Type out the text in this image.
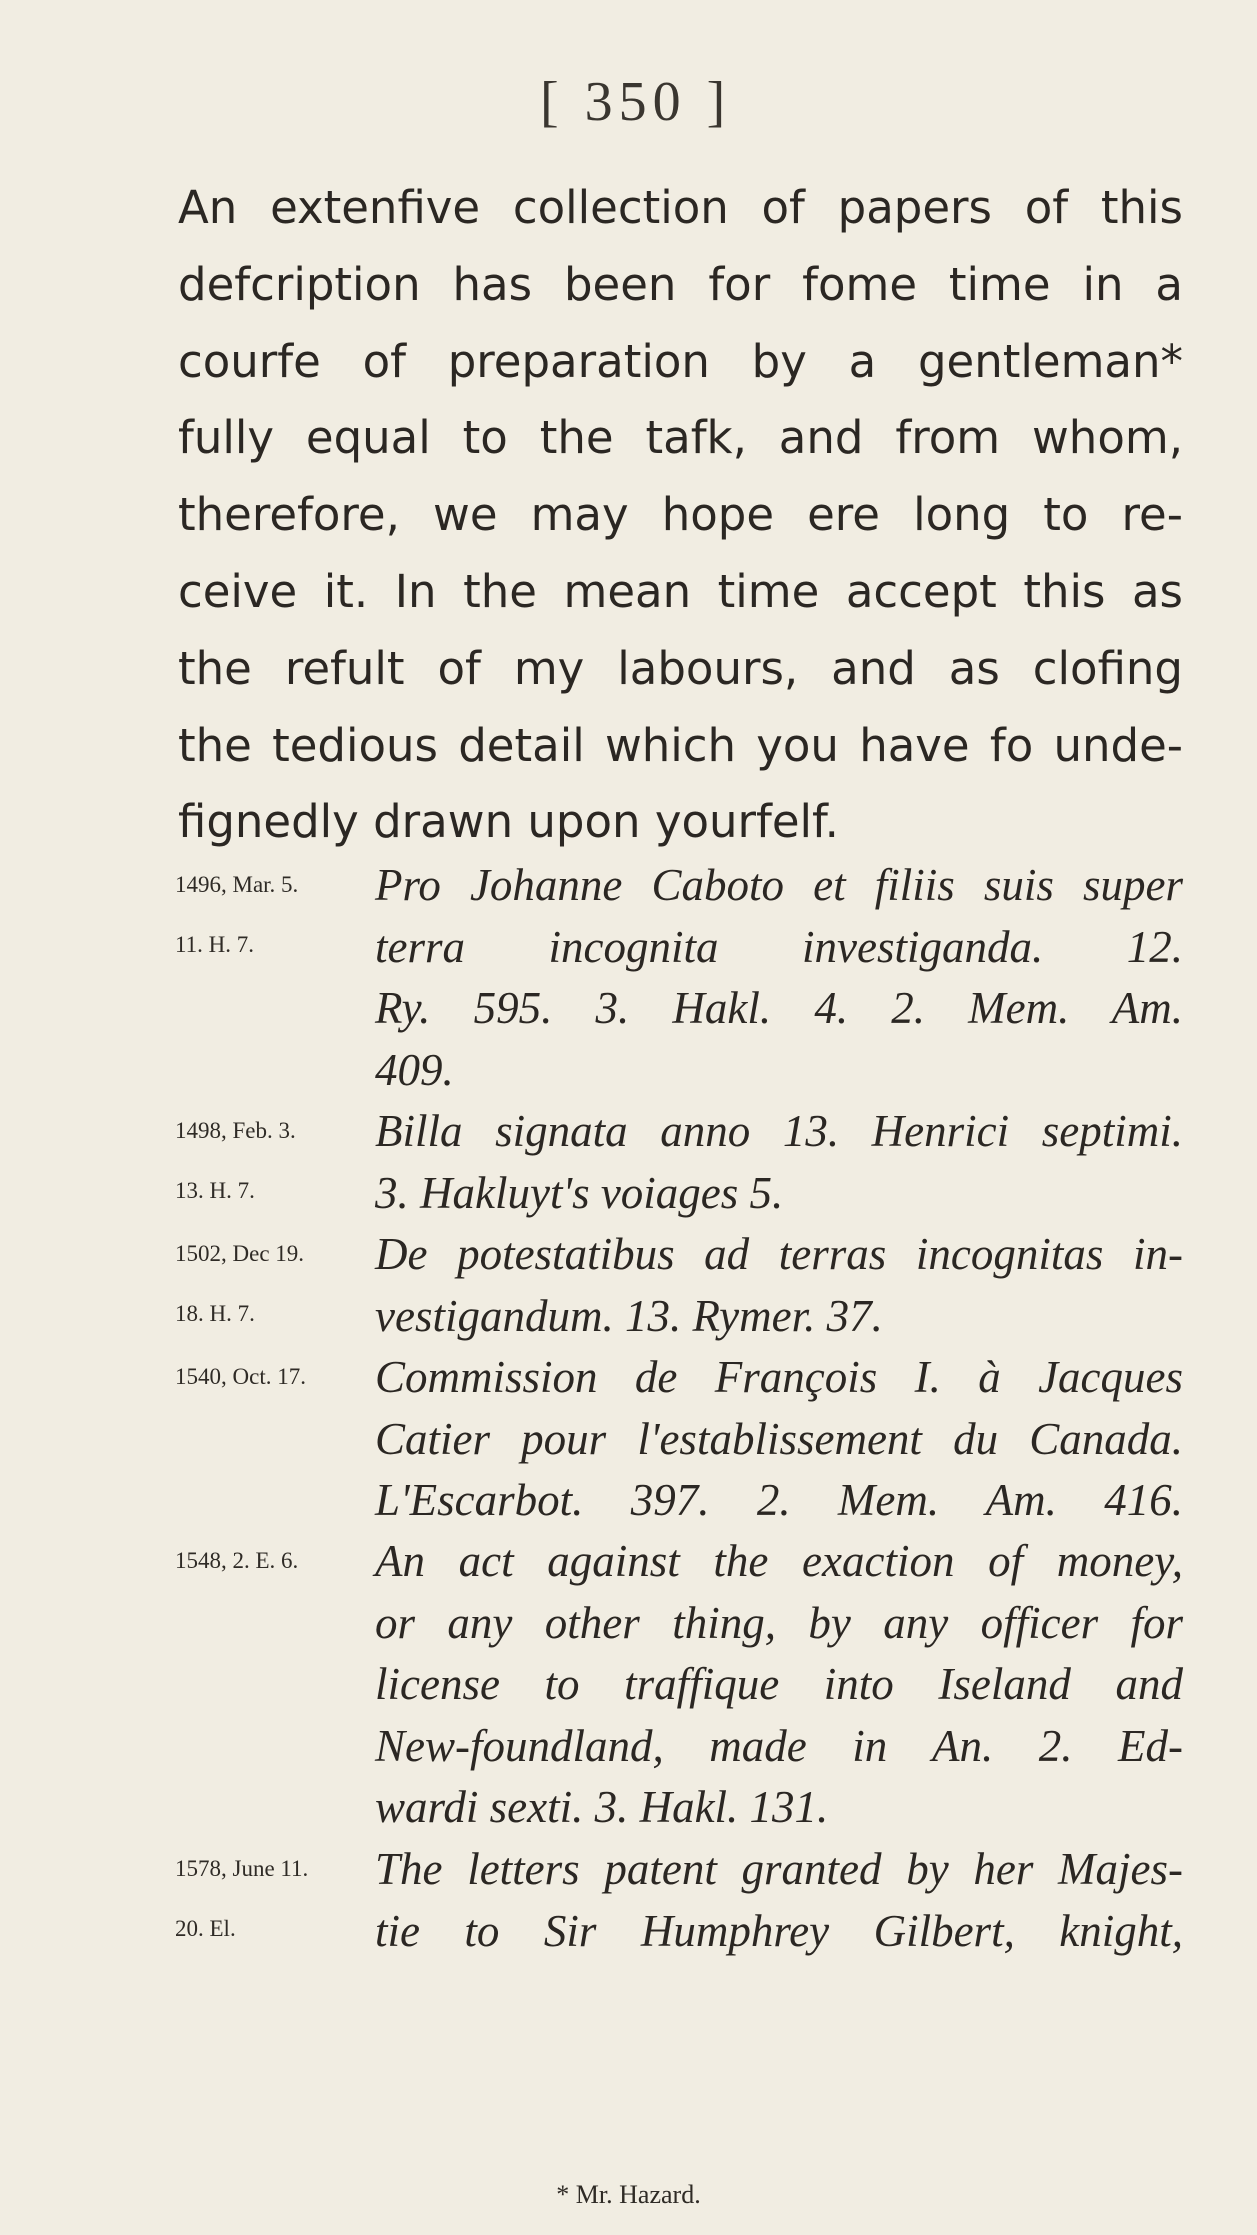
[ 350 ]
An extenfive collection of papers of this
defcription has been for fome time in a
courfe of preparation by a gentleman*
fully equal to the tafk, and from whom,
therefore, we may hope ere long to re-
ceive it. In the mean time accept this as
the refult of my labours, and as clofing
the tedious detail which you have fo unde-
fignedly drawn upon yourfelf.
1496, Mar. 5.
11. H. 7.
Pro Johanne Caboto et filiis suis super
terra incognita investiganda. 12.
Ry. 595. 3. Hakl. 4. 2. Mem. Am.
409.
1498, Feb. 3.
13. H. 7.
Billa signata anno 13. Henrici septimi.
3. Hakluyt's voiages 5.
1502, Dec 19.
18. H. 7.
De potestatibus ad terras incognitas in-
vestigandum. 13. Rymer. 37.
1540, Oct. 17.	Commission de François I. à Jacques
Catier pour l'establissement du Canada.
L'Escarbot. 397. 2. Mem. Am. 416.
1548, 2. E. 6.	An act against the exaction of money,
or any other thing, by any officer for
license to traffique into Iseland and
New-foundland, made in An. 2. Ed-
wardi sexti. 3. Hakl. 131.
1578, June 11.
20. El.
The letters patent granted by her Majes-
tie to Sir Humphrey Gilbert, knight,
* Mr. Hazard.
